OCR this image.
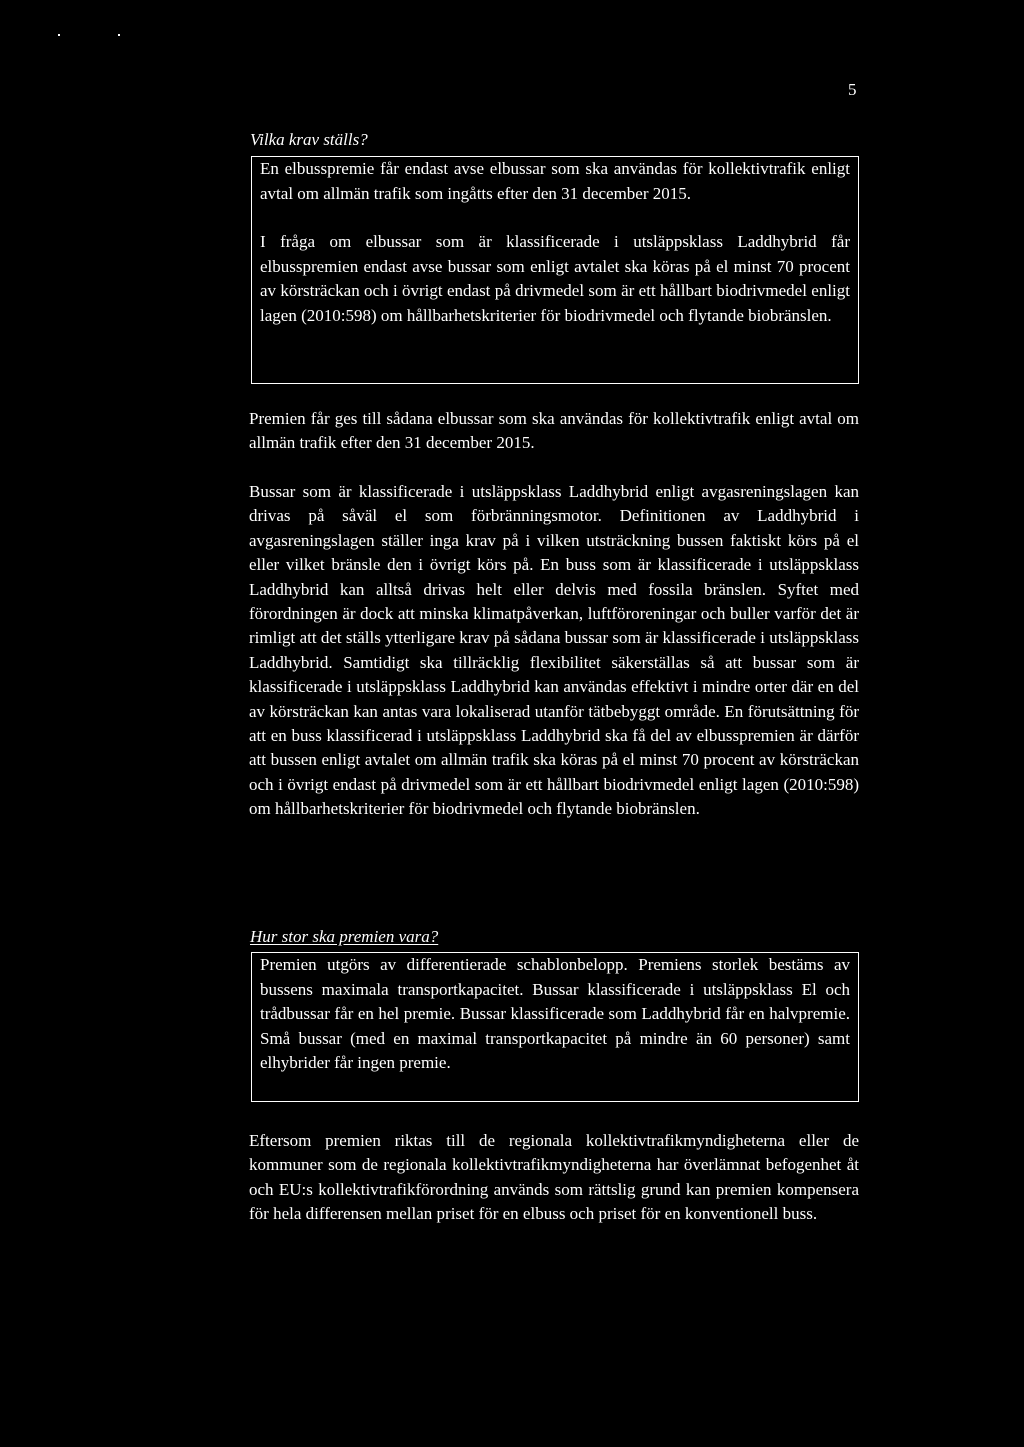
5
Vilka krav ställs?

En elbusspremie får endast avse elbussar som ska användas för kollektivtrafik enligt avtal om allmän trafik som ingåtts efter den 31 december 2015.

I fråga om elbussar som är klassificerade i utsläppsklass Laddhybrid får elbusspremien endast avse bussar som enligt avtalet ska köras på el minst 70 procent av körsträckan och i övrigt endast på drivmedel som är ett hållbart biodrivmedel enligt lagen (2010:598) om hållbarhetskriterier för biodrivmedel och flytande biobränslen.

Premien får ges till sådana elbussar som ska användas för kollektivtrafik enligt avtal om allmän trafik efter den 31 december 2015.

Bussar som är klassificerade i utsläppsklass Laddhybrid enligt avgasreningslagen kan drivas på såväl el som förbränningsmotor. Definitionen av Laddhybrid i avgasreningslagen ställer inga krav på i vilken utsträckning bussen faktiskt körs på el eller vilket bränsle den i övrigt körs på. En buss som är klassificerade i utsläppsklass Laddhybrid kan alltså drivas helt eller delvis med fossila bränslen. Syftet med förordningen är dock att minska klimatpåverkan, luftföroreningar och buller varför det är rimligt att det ställs ytterligare krav på sådana bussar som är klassificerade i utsläppsklass Laddhybrid. Samtidigt ska tillräcklig flexibilitet säkerställas så att bussar som är klassificerade i utsläppsklass Laddhybrid kan användas effektivt i mindre orter där en del av körsträckan kan antas vara lokaliserad utanför tätbebyggt område. En förutsättning för att en buss klassificerad i utsläppsklass Laddhybrid ska få del av elbusspremien är därför att bussen enligt avtalet om allmän trafik ska köras på el minst 70 procent av körsträckan och i övrigt endast på drivmedel som är ett hållbart biodrivmedel enligt lagen (2010:598) om hållbarhetskriterier för biodrivmedel och flytande biobränslen.

Hur stor ska premien vara?

Premien utgörs av differentierade schablonbelopp. Premiens storlek bestäms av bussens maximala transportkapacitet. Bussar klassificerade i utsläppsklass El och trådbussar får en hel premie. Bussar klassificerade som Laddhybrid får en halvpremie. Små bussar (med en maximal transportkapacitet på mindre än 60 personer) samt elhybrider får ingen premie.

Eftersom premien riktas till de regionala kollektivtrafikmyndigheterna eller de kommuner som de regionala kollektivtrafikmyndigheterna har överlämnat befogenhet åt och EU:s kollektivtrafikförordning används som rättslig grund kan premien kompensera för hela differensen mellan priset för en elbuss och priset för en konventionell buss.
